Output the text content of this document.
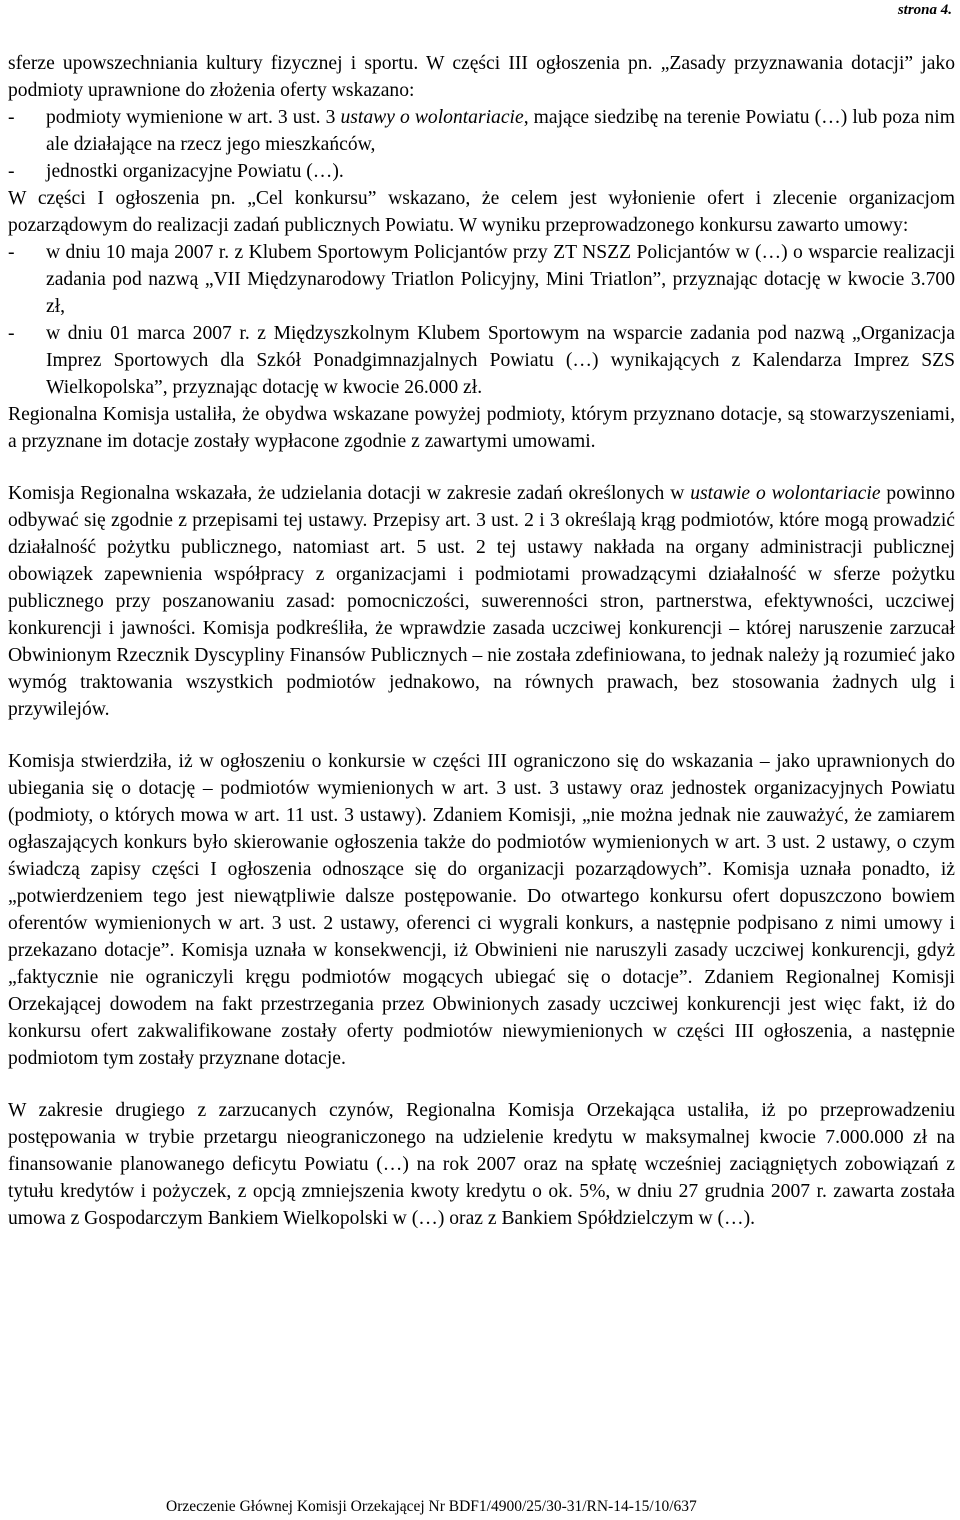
strona 4.

sferze upowszechniania kultury fizycznej i sportu. W części III ogłoszenia pn. „Zasady przyznawania dotacji” jako podmioty uprawnione do złożenia oferty wskazano:

-	podmioty wymienione w art. 3 ust. 3 ustawy o wolontariacie, mające siedzibę na terenie Powiatu (…) lub poza nim ale działające na rzecz jego mieszkańców,
-	jednostki organizacyjne Powiatu (…).

W części I ogłoszenia pn. „Cel konkursu” wskazano, że celem jest wyłonienie ofert i zlecenie organizacjom pozarządowym do realizacji zadań publicznych Powiatu. W wyniku przeprowadzonego konkursu zawarto umowy:

-	w dniu 10 maja 2007 r. z Klubem Sportowym Policjantów przy ZT NSZZ Policjantów w (…) o wsparcie realizacji zadania pod nazwą „VII Międzynarodowy Triatlon Policyjny, Mini Triatlon”, przyznając dotację w kwocie 3.700 zł,
-	w dniu 01 marca 2007 r. z Międzyszkolnym Klubem Sportowym na wsparcie zadania pod nazwą „Organizacja Imprez Sportowych dla Szkół Ponadgimnazjalnych Powiatu (…) wynikających z Kalendarza Imprez SZS Wielkopolska”, przyznając dotację w kwocie 26.000 zł.

Regionalna Komisja ustaliła, że obydwa wskazane powyżej podmioty, którym przyznano dotacje, są stowarzyszeniami, a przyznane im dotacje zostały wypłacone zgodnie z zawartymi umowami.

Komisja Regionalna wskazała, że udzielania dotacji w zakresie zadań określonych w ustawie o wolontariacie powinno odbywać się zgodnie z przepisami tej ustawy. Przepisy art. 3 ust. 2 i 3 określają krąg podmiotów, które mogą prowadzić działalność pożytku publicznego, natomiast art. 5 ust. 2 tej ustawy nakłada na organy administracji publicznej obowiązek zapewnienia współpracy z organizacjami i podmiotami prowadzącymi działalność w sferze pożytku publicznego przy poszanowaniu zasad: pomocniczości, suwerenności stron, partnerstwa, efektywności, uczciwej konkurencji i jawności. Komisja podkreśliła, że wprawdzie zasada uczciwej konkurencji – której naruszenie zarzucał Obwinionym Rzecznik Dyscypliny Finansów Publicznych – nie została zdefiniowana, to jednak należy ją rozumieć jako wymóg traktowania wszystkich podmiotów jednakowo, na równych prawach, bez stosowania żadnych ulg i przywilejów.

Komisja stwierdziła, iż w ogłoszeniu o konkursie w części III ograniczono się do wskazania – jako uprawnionych do ubiegania się o dotację – podmiotów wymienionych w art. 3 ust. 3 ustawy oraz jednostek organizacyjnych Powiatu (podmioty, o których mowa w art. 11 ust. 3 ustawy). Zdaniem Komisji, „nie można jednak nie zauważyć, że zamiarem ogłaszających konkurs było skierowanie ogłoszenia także do podmiotów wymienionych w art. 3 ust. 2 ustawy, o czym świadczą zapisy części I ogłoszenia odnoszące się do organizacji pozarządowych”. Komisja uznała ponadto, iż „potwierdzeniem tego jest niewątpliwie dalsze postępowanie. Do otwartego konkursu ofert dopuszczono bowiem oferentów wymienionych w art. 3 ust. 2 ustawy, oferenci ci wygrali konkurs, a następnie podpisano z nimi umowy i przekazano dotacje”. Komisja uznała w konsekwencji, iż Obwinieni nie naruszyli zasady uczciwej konkurencji, gdyż „faktycznie nie ograniczyli kręgu podmiotów mogących ubiegać się o dotacje”. Zdaniem Regionalnej Komisji Orzekającej dowodem na fakt przestrzegania przez Obwinionych zasady uczciwej konkurencji jest więc fakt, iż do konkursu ofert zakwalifikowane zostały oferty podmiotów niewymienionych w części III ogłoszenia, a następnie podmiotom tym zostały przyznane dotacje.

W zakresie drugiego z zarzucanych czynów, Regionalna Komisja Orzekająca ustaliła, iż po przeprowadzeniu postępowania w trybie przetargu nieograniczonego na udzielenie kredytu w maksymalnej kwocie 7.000.000 zł na finansowanie planowanego deficytu Powiatu (…) na rok 2007 oraz na spłatę wcześniej zaciągniętych zobowiązań z tytułu kredytów i pożyczek, z opcją zmniejszenia kwoty kredytu o ok. 5%, w dniu 27 grudnia 2007 r. zawarta została umowa z Gospodarczym Bankiem Wielkopolski w (…) oraz z Bankiem Spółdzielczym w (…).

Orzeczenie Głównej Komisji Orzekającej Nr BDF1/4900/25/30-31/RN-14-15/10/637
